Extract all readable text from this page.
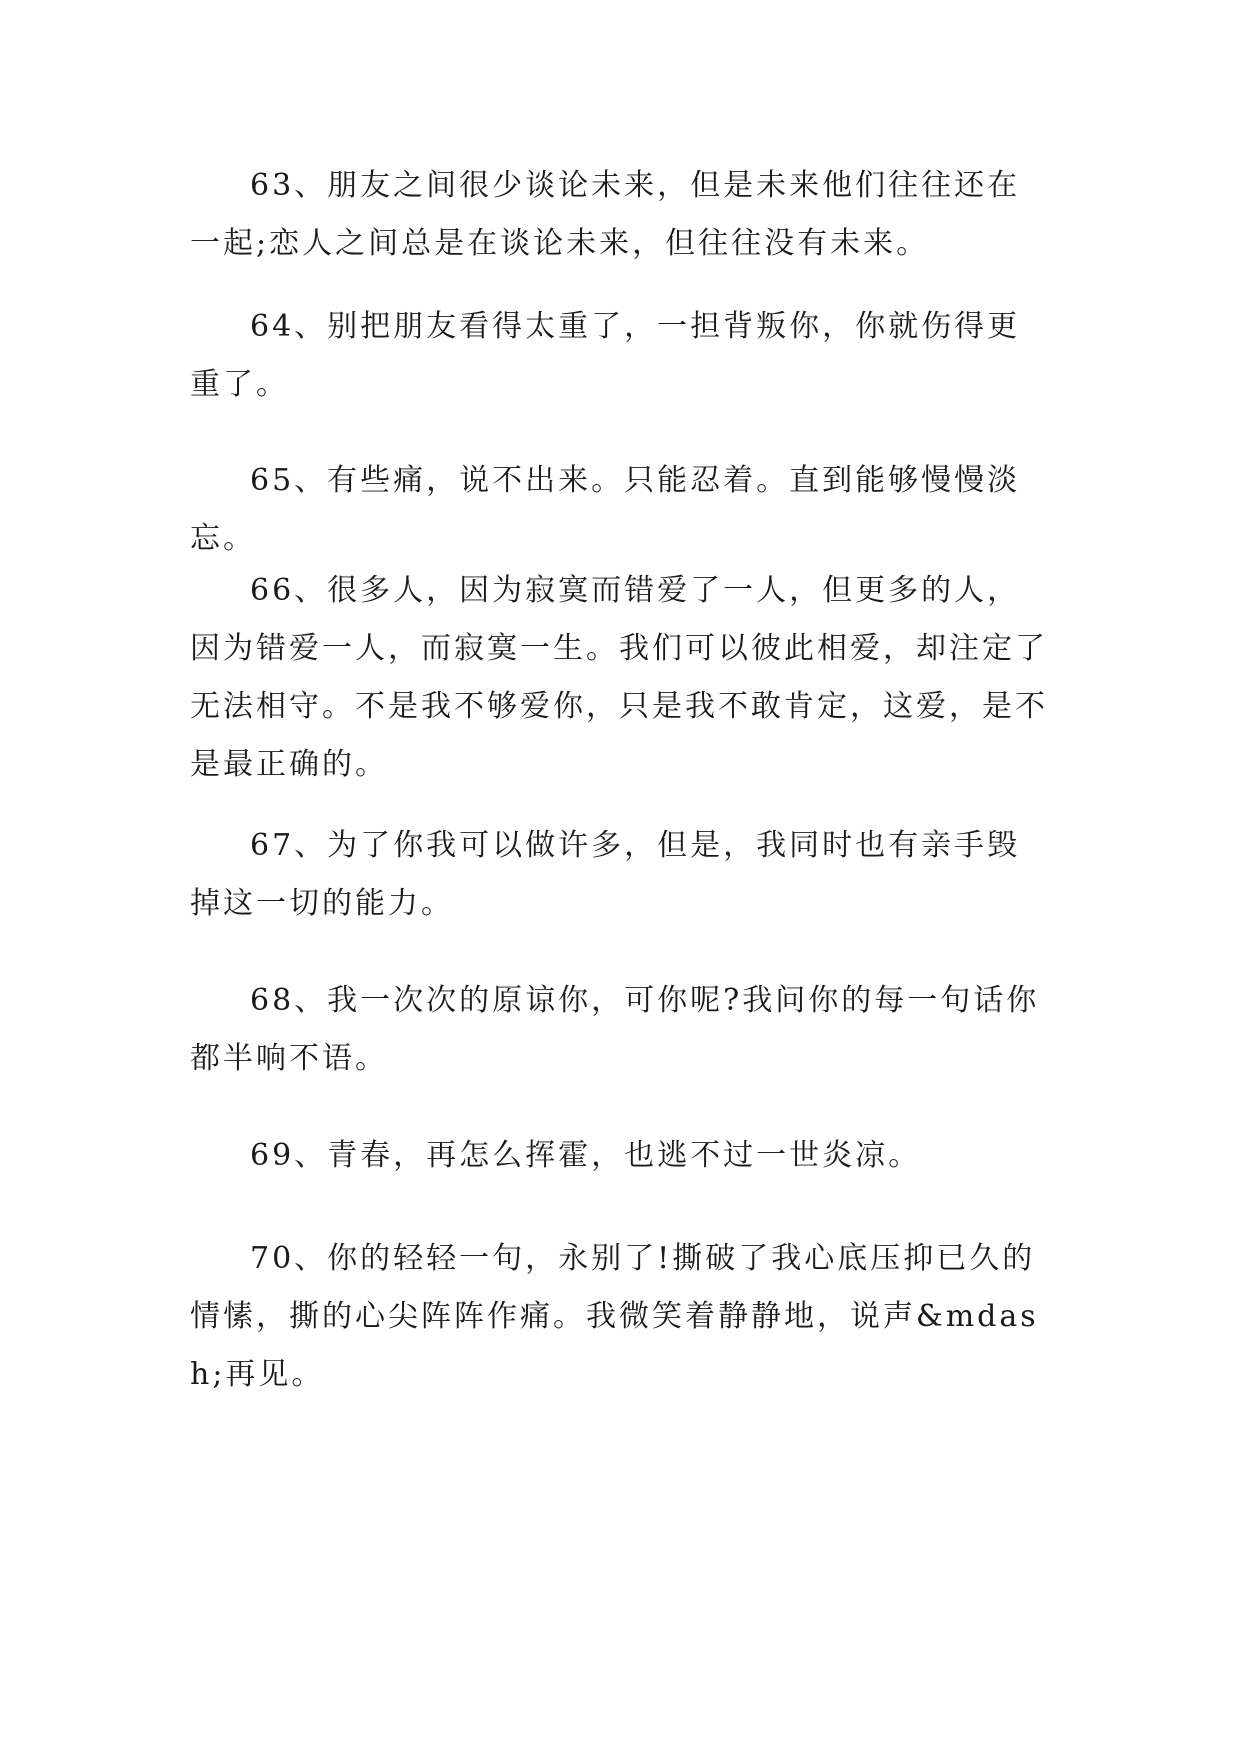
63、朋友之间很少谈论未来，但是未来他们往往还在一起;恋人之间总是在谈论未来，但往往没有未来。

64、别把朋友看得太重了，一担背叛你，你就伤得更重了。

65、有些痛，说不出来。只能忍着。直到能够慢慢淡忘。

66、很多人，因为寂寞而错爱了一人，但更多的人，因为错爱一人，而寂寞一生。我们可以彼此相爱，却注定了无法相守。不是我不够爱你，只是我不敢肯定，这爱，是不是最正确的。

67、为了你我可以做许多，但是，我同时也有亲手毁掉这一切的能力。

68、我一次次的原谅你，可你呢?我问你的每一句话你都半响不语。

69、青春，再怎么挥霍，也逃不过一世炎凉。

70、你的轻轻一句，永别了!撕破了我心底压抑已久的情愫，撕的心尖阵阵作痛。我微笑着静静地，说声&mdash;再见。
